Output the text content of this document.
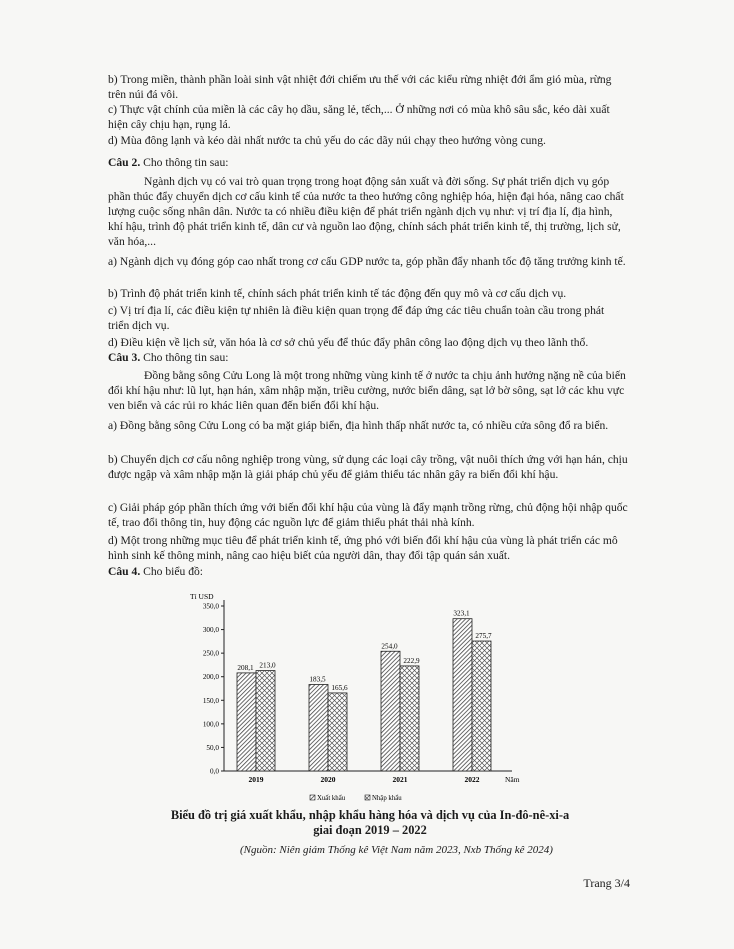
b) Trong miền, thành phần loài sinh vật nhiệt đới chiếm ưu thế với các kiểu rừng nhiệt đới ẩm gió mùa, rừng trên núi đá vôi.

c) Thực vật chính của miền là các cây họ dầu, săng lẻ, tếch,... Ở những nơi có mùa khô sâu sắc, kéo dài xuất hiện cây chịu hạn, rụng lá.

d) Mùa đông lạnh và kéo dài nhất nước ta chủ yếu do các dãy núi chạy theo hướng vòng cung.

Câu 2. Cho thông tin sau:

Ngành dịch vụ có vai trò quan trọng trong hoạt động sản xuất và đời sống. Sự phát triển dịch vụ góp phần thúc đẩy chuyển dịch cơ cấu kinh tế của nước ta theo hướng công nghiệp hóa, hiện đại hóa, nâng cao chất lượng cuộc sống nhân dân. Nước ta có nhiều điều kiện để phát triển ngành dịch vụ như: vị trí địa lí, địa hình, khí hậu, trình độ phát triển kinh tế, dân cư và nguồn lao động, chính sách phát triển kinh tế, thị trường, lịch sử, văn hóa,...

a) Ngành dịch vụ đóng góp cao nhất trong cơ cấu GDP nước ta, góp phần đẩy nhanh tốc độ tăng trưởng kinh tế.

b) Trình độ phát triển kinh tế, chính sách phát triển kinh tế tác động đến quy mô và cơ cấu dịch vụ.

c) Vị trí địa lí, các điều kiện tự nhiên là điều kiện quan trọng để đáp ứng các tiêu chuẩn toàn cầu trong phát triển dịch vụ.

d) Điều kiện về lịch sử, văn hóa là cơ sở chủ yếu để thúc đẩy phân công lao động dịch vụ theo lãnh thổ.

Câu 3. Cho thông tin sau:

Đồng bằng sông Cửu Long là một trong những vùng kinh tế ở nước ta chịu ảnh hưởng nặng nề của biến đổi khí hậu như: lũ lụt, hạn hán, xâm nhập mặn, triều cường, nước biển dâng, sạt lở bờ sông, sạt lở các khu vực ven biển và các rủi ro khác liên quan đến biến đổi khí hậu.

a) Đồng bằng sông Cửu Long có ba mặt giáp biển, địa hình thấp nhất nước ta, có nhiều cửa sông đổ ra biển.

b) Chuyển dịch cơ cấu nông nghiệp trong vùng, sử dụng các loại cây trồng, vật nuôi thích ứng với hạn hán, chịu được ngập và xâm nhập mặn là giải pháp chủ yếu để giảm thiểu tác nhân gây ra biến đổi khí hậu.

c) Giải pháp góp phần thích ứng với biến đổi khí hậu của vùng là đẩy mạnh trồng rừng, chủ động hội nhập quốc tế, trao đổi thông tin, huy động các nguồn lực để giảm thiểu phát thải nhà kính.

d) Một trong những mục tiêu để phát triển kinh tế, ứng phó với biến đổi khí hậu của vùng là phát triển các mô hình sinh kế thông minh, nâng cao hiệu biết của người dân, thay đổi tập quán sản xuất.

Câu 4. Cho biểu đồ:

Tỉ USD
0,0
50,0
100,0
150,0
200,0
250,0
300,0
350,0
208,1 213,0
183,5
165,6
254,0
222,9
323,1
275,7
2019	2020	2021	2022	Năm
Xuất khẩu	Nhập khẩu
Biểu đồ trị giá xuất khẩu, nhập khẩu hàng hóa và dịch vụ của In-đô-nê-xi-a
giai đoạn 2019 – 2022
(Nguồn: Niên giám Thống kê Việt Nam năm 2023, Nxb Thống kê 2024)
Trang 3/4
